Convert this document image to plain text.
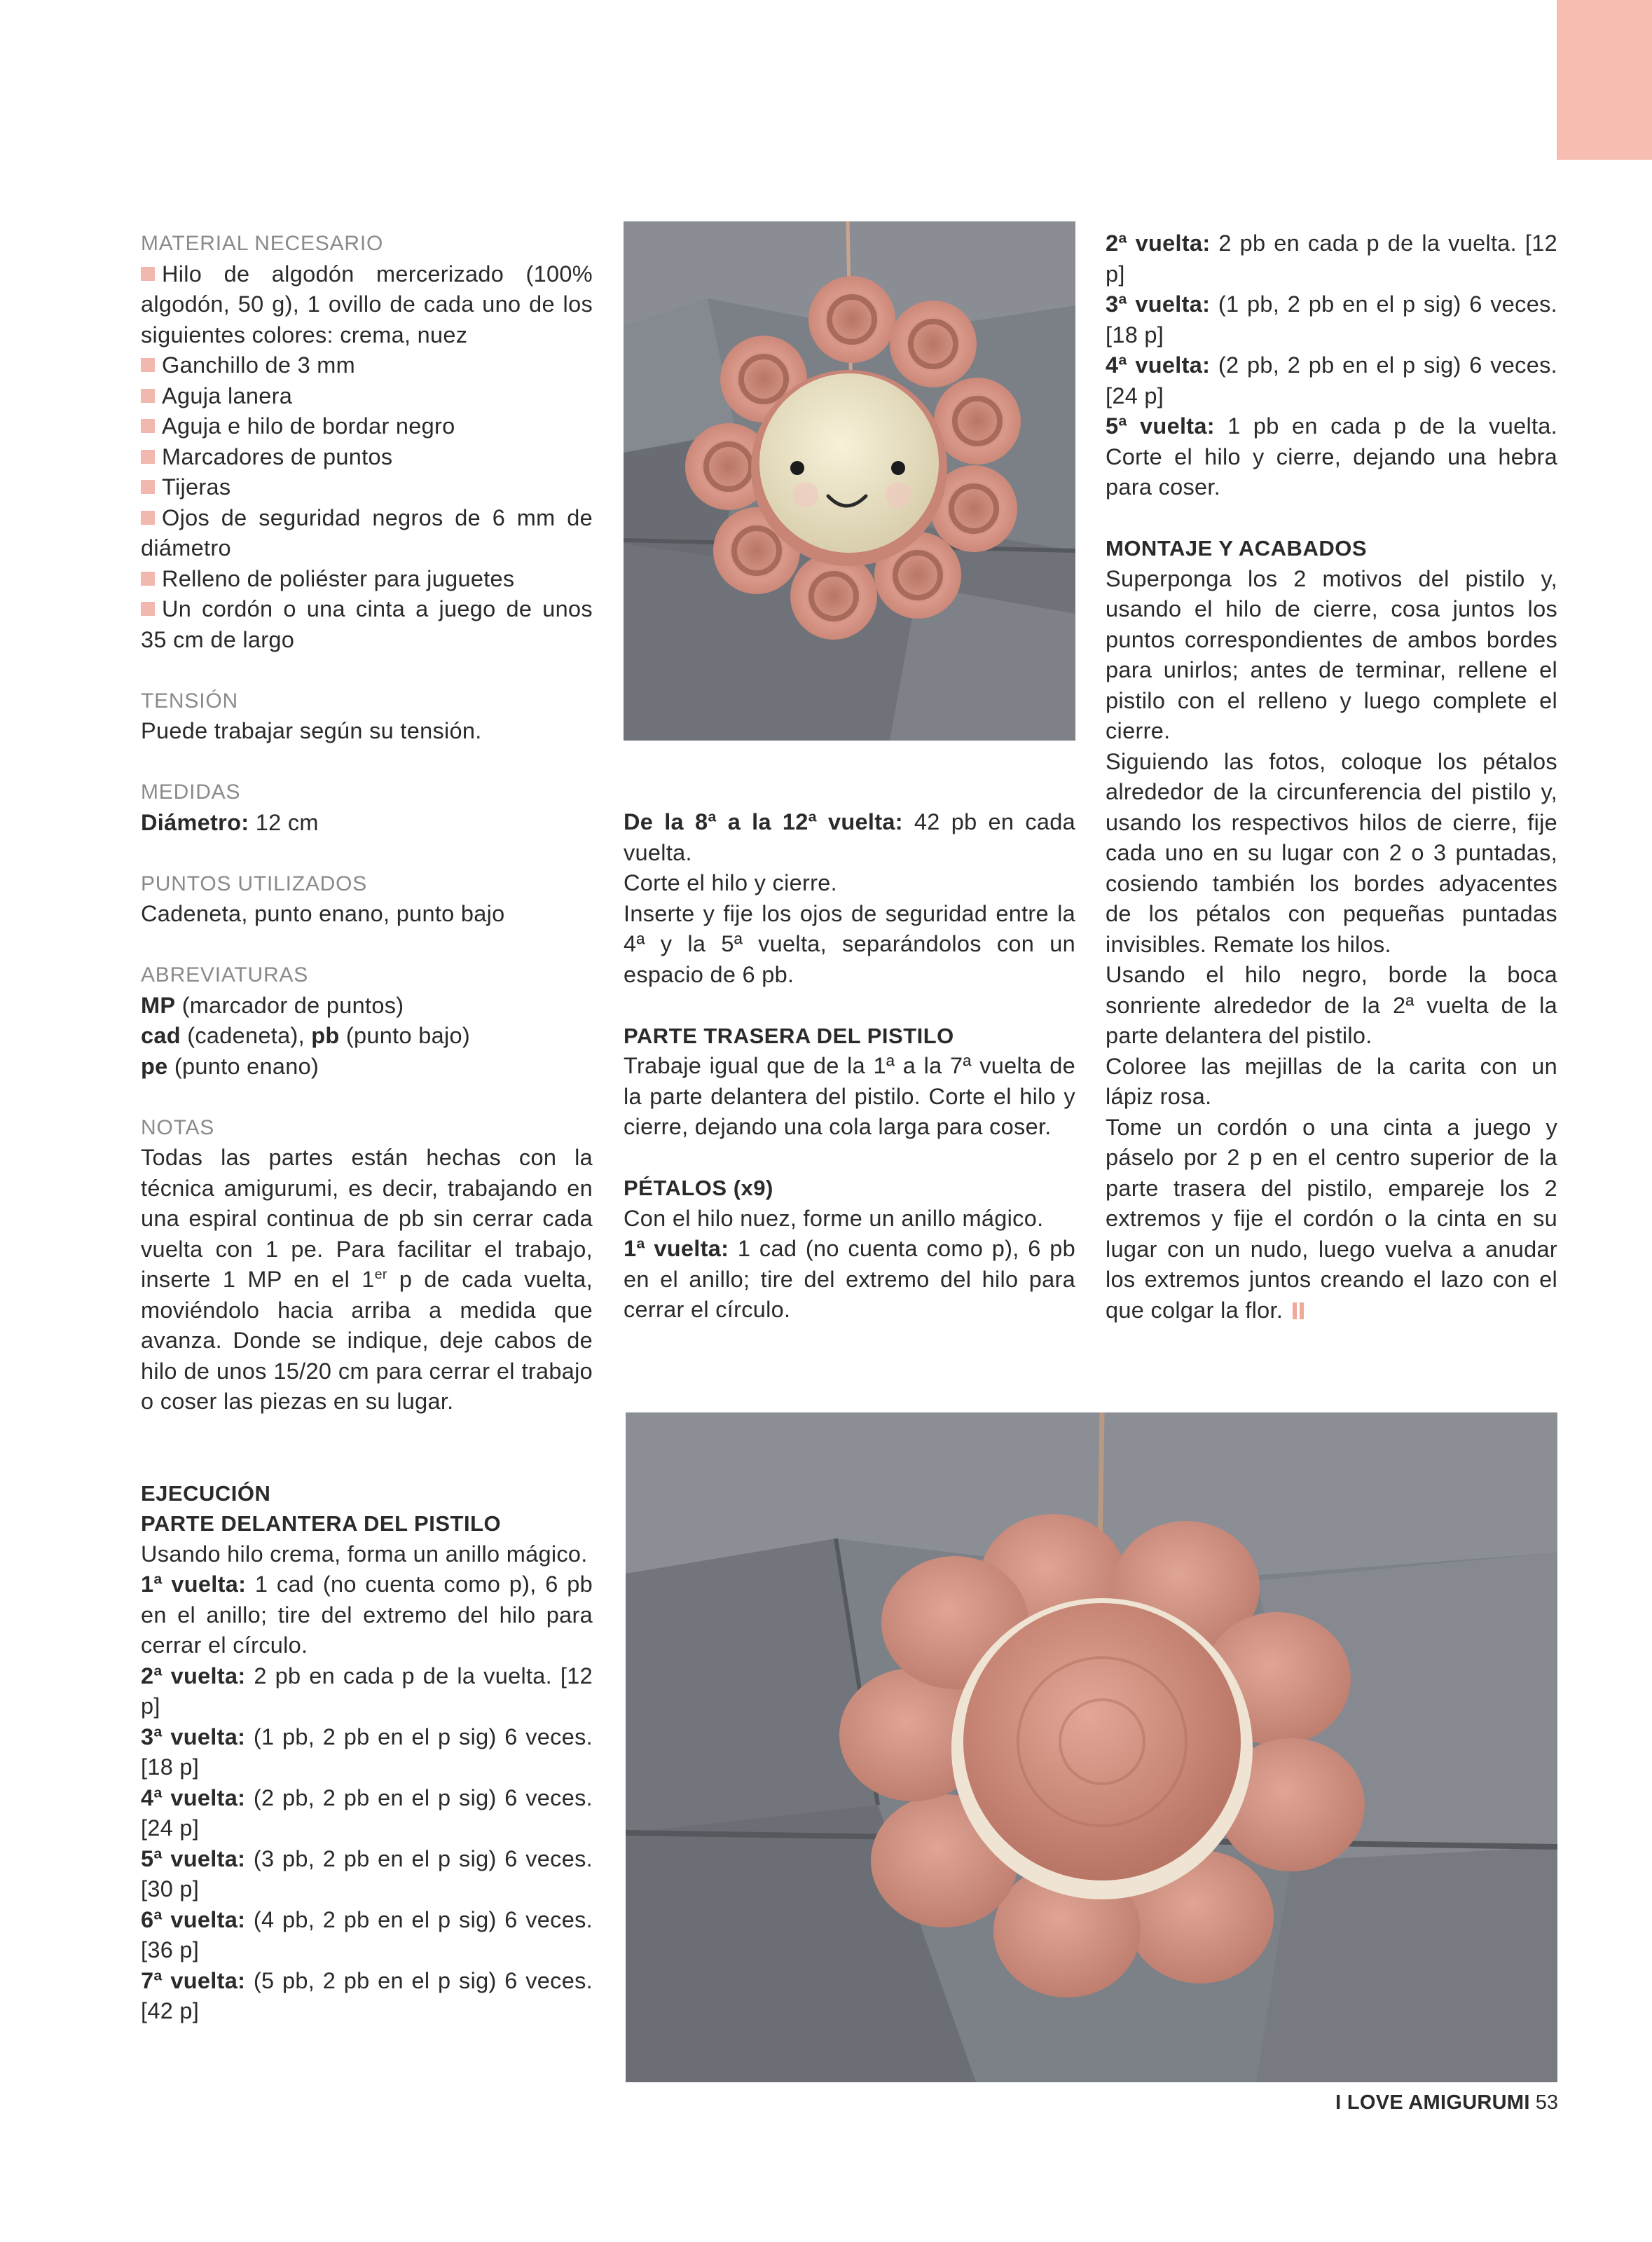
MATERIAL NECESARIO

Hilo de algodón mercerizado (100% algodón, 50 g), 1 ovillo de cada uno de los siguientes colores: crema, nuez

Ganchillo de 3 mm

Aguja lanera

Aguja e hilo de bordar negro

Marcadores de puntos

Tijeras

Ojos de seguridad negros de 6 mm de diámetro

Relleno de poliéster para juguetes

Un cordón o una cinta a juego de unos 35 cm de largo

TENSIÓN

Puede trabajar según su tensión.

MEDIDAS

Diámetro: 12 cm

PUNTOS UTILIZADOS

Cadeneta, punto enano, punto bajo

ABREVIATURAS

MP (marcador de puntos)

cad (cadeneta), pb (punto bajo)

pe (punto enano)

NOTAS

Todas las partes están hechas con la técnica amigurumi, es decir, trabajando en una espiral continua de pb sin cerrar cada vuelta con 1 pe. Para facilitar el trabajo, inserte 1 MP en el 1er p de cada vuelta, moviéndolo hacia arriba a medida que avanza. Donde se indique, deje cabos de hilo de unos 15/20 cm para cerrar el trabajo o coser las piezas en su lugar.

EJECUCIÓN

PARTE DELANTERA DEL PISTILO

Usando hilo crema, forma un anillo mágico.

1ª vuelta: 1 cad (no cuenta como p), 6 pb en el anillo; tire del extremo del hilo para cerrar el círculo.

2ª vuelta: 2 pb en cada p de la vuelta. [12 p]

3ª vuelta: (1 pb, 2 pb en el p sig) 6 veces. [18 p]

4ª vuelta: (2 pb, 2 pb en el p sig) 6 veces. [24 p]

5ª vuelta: (3 pb, 2 pb en el p sig) 6 veces. [30 p]

6ª vuelta: (4 pb, 2 pb en el p sig) 6 veces. [36 p]

7ª vuelta: (5 pb, 2 pb en el p sig) 6 veces. [42 p]

De la 8ª a la 12ª vuelta: 42 pb en cada vuelta.

Corte el hilo y cierre.

Inserte y fije los ojos de seguridad entre la 4ª y la 5ª vuelta, separándolos con un espacio de 6 pb.

PARTE TRASERA DEL PISTILO

Trabaje igual que de la 1ª a la 7ª vuelta de la parte delantera del pistilo. Corte el hilo y cierre, dejando una cola larga para coser.

PÉTALOS (x9)

Con el hilo nuez, forme un anillo mágico.

1ª vuelta: 1 cad (no cuenta como p), 6 pb en el anillo; tire del extremo del hilo para cerrar el círculo.

2ª vuelta: 2 pb en cada p de la vuelta. [12 p]

3ª vuelta: (1 pb, 2 pb en el p sig) 6 veces. [18 p]

4ª vuelta: (2 pb, 2 pb en el p sig) 6 veces. [24 p]

5ª vuelta: 1 pb en cada p de la vuelta. Corte el hilo y cierre, dejando una hebra para coser.

MONTAJE Y ACABADOS

Superponga los 2 motivos del pistilo y, usando el hilo de cierre, cosa juntos los puntos correspondientes de ambos bordes para unirlos; antes de terminar, rellene el pistilo con el relleno y luego complete el cierre.

Siguiendo las fotos, coloque los pétalos alrededor de la circunferencia del pistilo y, usando los respectivos hilos de cierre, fije cada uno en su lugar con 2 o 3 puntadas, cosiendo también los bordes adyacentes de los pétalos con pequeñas puntadas invisibles. Remate los hilos.

Usando el hilo negro, borde la boca sonriente alrededor de la 2ª vuelta de la parte delantera del pistilo.

Coloree las mejillas de la carita con un lápiz rosa.

Tome un cordón o una cinta a juego y páselo por 2 p en el centro superior de la parte trasera del pistilo, empareje los 2 extremos y fije el cordón o la cinta en su lugar con un nudo, luego vuelva a anudar los extremos juntos creando el lazo con el que colgar la flor.

I LOVE AMIGURUMI 53
